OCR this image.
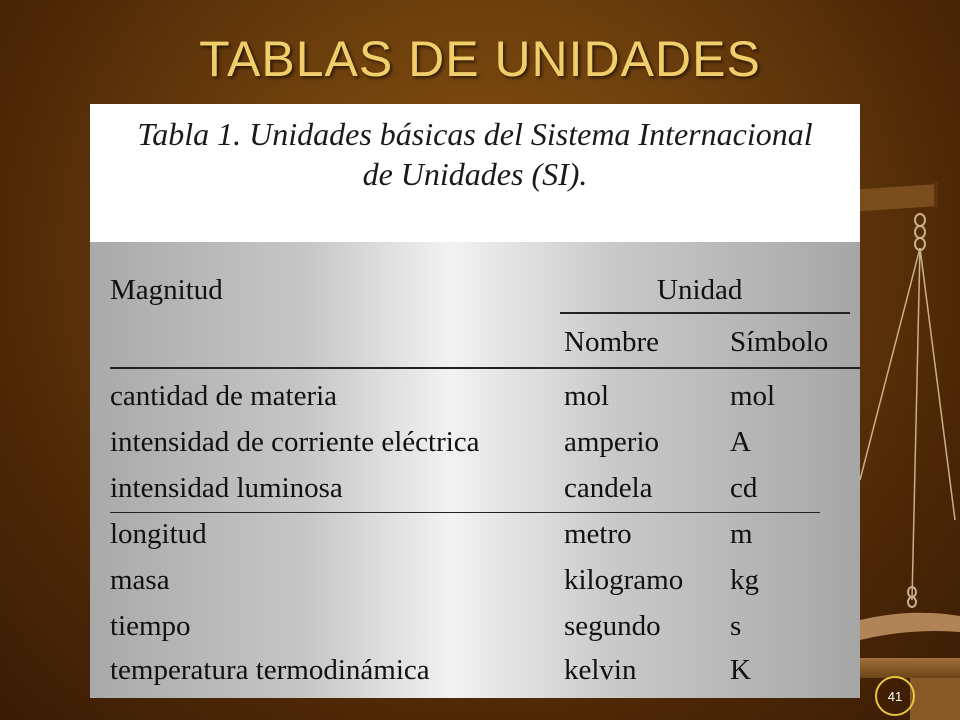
TABLAS DE UNIDADES
Tabla 1. Unidades básicas del Sistema Internacional
de Unidades (SI).
Magnitud	Unidad
Nombre Símbolo
cantidad de materia	mol	mol
intensidad de corriente eléctrica	amperio A
intensidad luminosa	candela	cd
longitud	metro	m
masa	kilogramo kg
tiempo	segundo s
temperatura termodinámica	kelvin	K
41
